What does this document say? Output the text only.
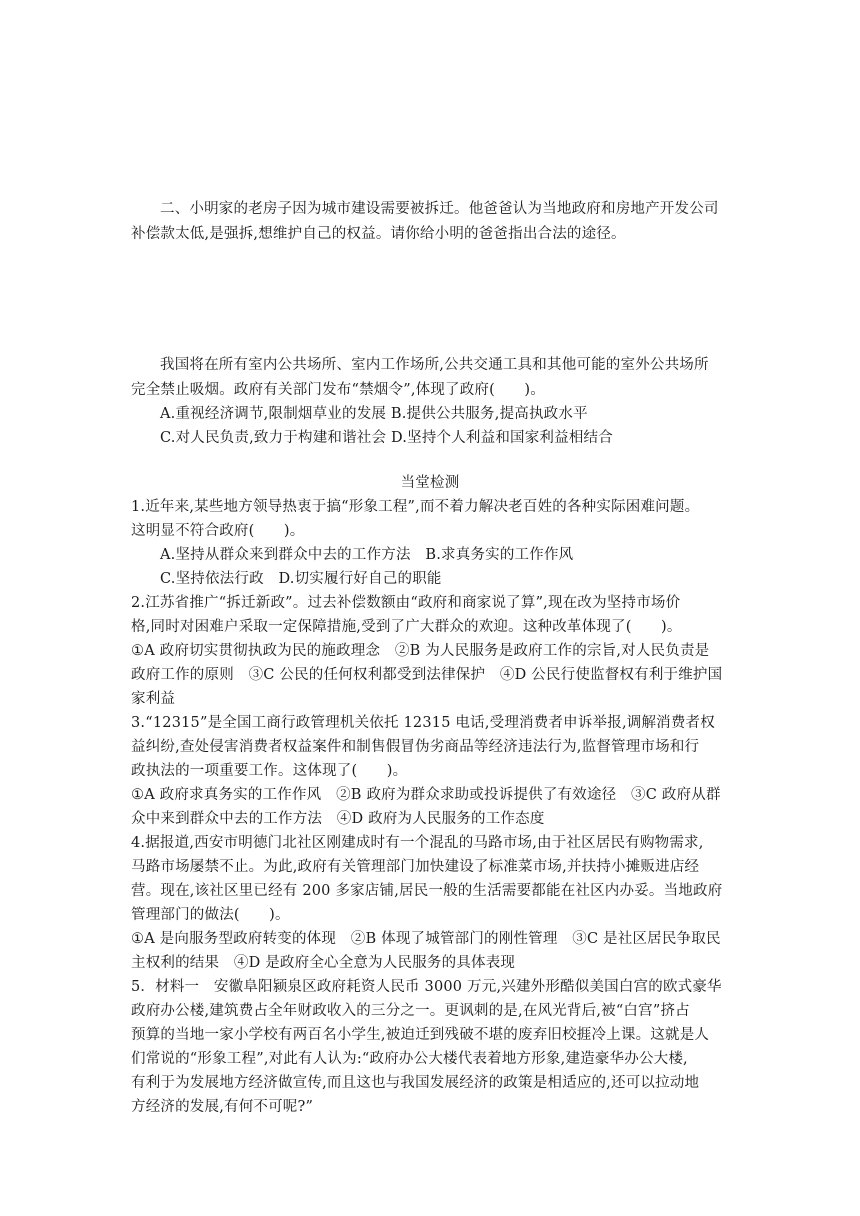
二、小明家的老房子因为城市建设需要被拆迁。他爸爸认为当地政府和房地产开发公司
补偿款太低,是强拆,想维护自己的权益。请你给小明的爸爸指出合法的途径。
我国将在所有室内公共场所、室内工作场所,公共交通工具和其他可能的室外公共场所
完全禁止吸烟。政府有关部门发布“禁烟令”,体现了政府(　　)。
A.重视经济调节,限制烟草业的发展 B.提供公共服务,提高执政水平
C.对人民负责,致力于构建和谐社会 D.坚持个人利益和国家利益相结合
当堂检测
1.近年来,某些地方领导热衷于搞“形象工程”,而不着力解决老百姓的各种实际困难问题。
这明显不符合政府(　　)。
A.坚持从群众来到群众中去的工作方法　B.求真务实的工作作风
C.坚持依法行政　D.切实履行好自己的职能
2.江苏省推广“拆迁新政”。过去补偿数额由“政府和商家说了算”,现在改为坚持市场价
格,同时对困难户采取一定保障措施,受到了广大群众的欢迎。这种改革体现了(　　)。
①A 政府切实贯彻执政为民的施政理念　②B 为人民服务是政府工作的宗旨,对人民负责是
政府工作的原则　③C 公民的任何权利都受到法律保护　④D 公民行使监督权有利于维护国
家利益
3.“12315”是全国工商行政管理机关依托 12315 电话,受理消费者申诉举报,调解消费者权
益纠纷,查处侵害消费者权益案件和制售假冒伪劣商品等经济违法行为,监督管理市场和行
政执法的一项重要工作。这体现了(　　)。
①A 政府求真务实的工作作风　②B 政府为群众求助或投诉提供了有效途径　③C 政府从群
众中来到群众中去的工作方法　④D 政府为人民服务的工作态度
4.据报道,西安市明德门北社区刚建成时有一个混乱的马路市场,由于社区居民有购物需求,
马路市场屡禁不止。为此,政府有关管理部门加快建设了标准菜市场,并扶持小摊贩进店经
营。现在,该社区里已经有 200 多家店铺,居民一般的生活需要都能在社区内办妥。当地政府
管理部门的做法(　　)。
①A 是向服务型政府转变的体现　②B 体现了城管部门的刚性管理　③C 是社区居民争取民
主权利的结果　④D 是政府全心全意为人民服务的具体表现
5．材料一　安徽阜阳颍泉区政府耗资人民币 3000 万元,兴建外形酷似美国白宫的欧式豪华
政府办公楼,建筑费占全年财政收入的三分之一。更讽刺的是,在风光背后,被“白宫”挤占
预算的当地一家小学校有两百名小学生,被迫迁到残破不堪的废弃旧校捱冷上课。这就是人
们常说的“形象工程”,对此有人认为:“政府办公大楼代表着地方形象,建造豪华办公大楼,
有利于为发展地方经济做宣传,而且这也与我国发展经济的政策是相适应的,还可以拉动地
方经济的发展,有何不可呢?”
